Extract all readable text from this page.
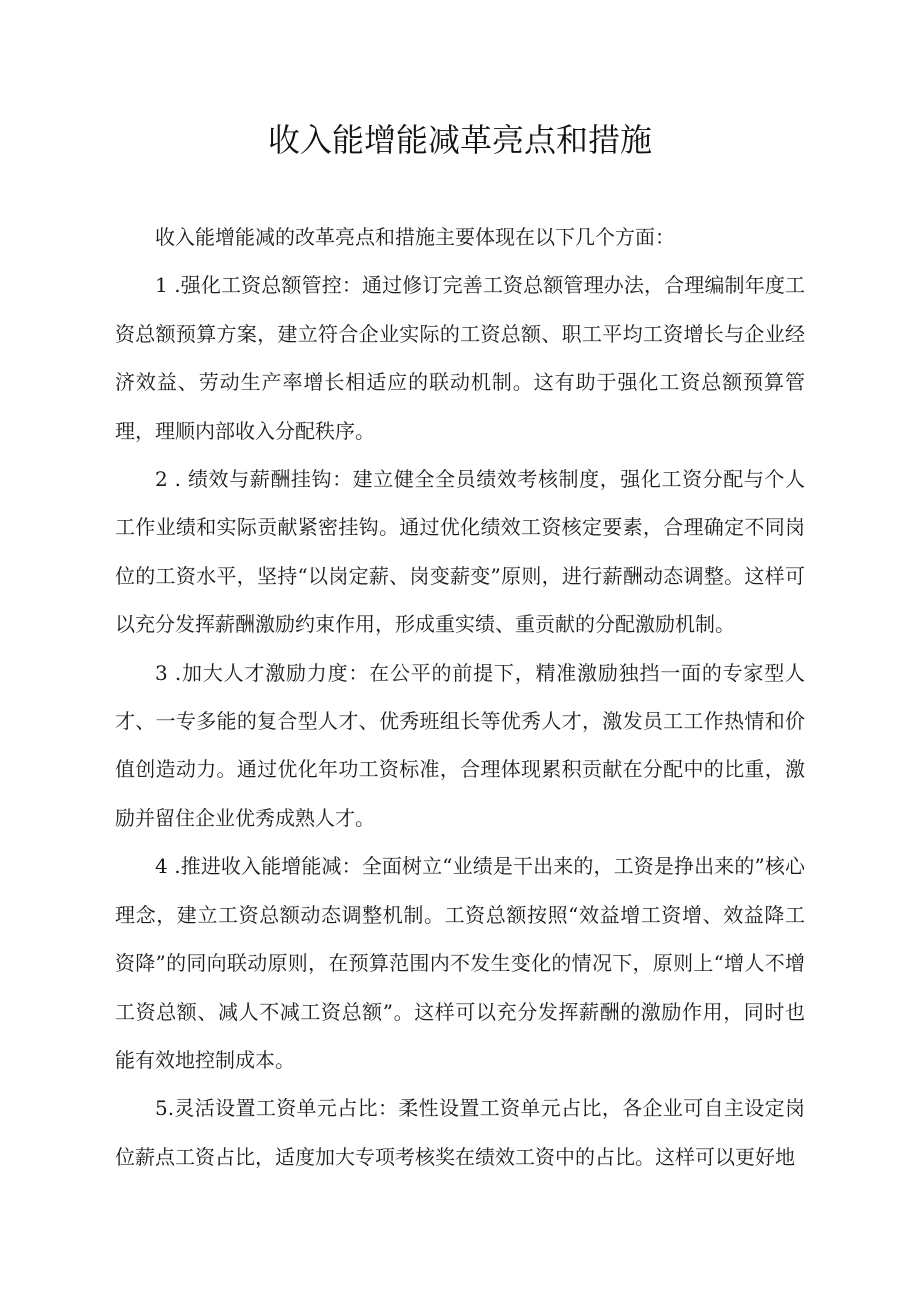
收入能增能减革亮点和措施

收入能增能减的改革亮点和措施主要体现在以下几个方面：

1 .强化工资总额管控：通过修订完善工资总额管理办法，合理编制年度工资总额预算方案，建立符合企业实际的工资总额、职工平均工资增长与企业经济效益、劳动生产率增长相适应的联动机制。这有助于强化工资总额预算管理，理顺内部收入分配秩序。

2 . 绩效与薪酬挂钩：建立健全全员绩效考核制度，强化工资分配与个人工作业绩和实际贡献紧密挂钩。通过优化绩效工资核定要素，合理确定不同岗位的工资水平，坚持“以岗定薪、岗变薪变”原则，进行薪酬动态调整。这样可以充分发挥薪酬激励约束作用，形成重实绩、重贡献的分配激励机制。

3 .加大人才激励力度：在公平的前提下，精准激励独挡一面的专家型人才、一专多能的复合型人才、优秀班组长等优秀人才，激发员工工作热情和价值创造动力。通过优化年功工资标准，合理体现累积贡献在分配中的比重，激励并留住企业优秀成熟人才。

4 .推进收入能增能减：全面树立“业绩是干出来的，工资是挣出来的”核心理念，建立工资总额动态调整机制。工资总额按照“效益增工资增、效益降工资降”的同向联动原则，在预算范围内不发生变化的情况下，原则上“增人不增工资总额、减人不减工资总额”。这样可以充分发挥薪酬的激励作用，同时也能有效地控制成本。

5.灵活设置工资单元占比：柔性设置工资单元占比，各企业可自主设定岗位薪点工资占比，适度加大专项考核奖在绩效工资中的占比。这样可以更好地
